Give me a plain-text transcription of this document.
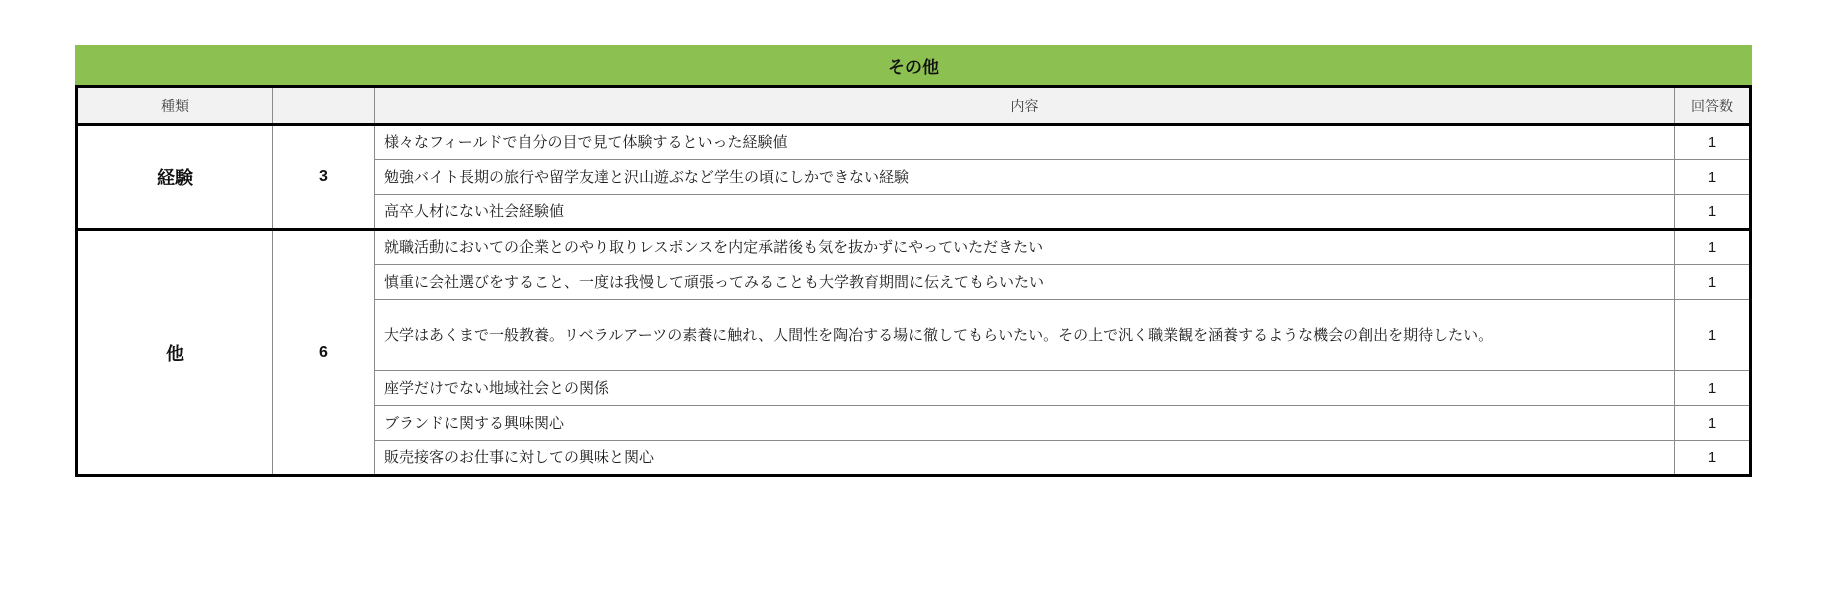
その他
種類		内容	回答数
経験	3	様々なフィールドで自分の目で見て体験するといった経験値	1
		勉強バイト長期の旅行や留学友達と沢山遊ぶなど学生の頃にしかできない経験	1
		高卒人材にない社会経験値	1
他	6	就職活動においての企業とのやり取りレスポンスを内定承諾後も気を抜かずにやっていただきたい	1
		慎重に会社選びをすること、一度は我慢して頑張ってみることも大学教育期間に伝えてもらいたい	1
		大学はあくまで一般教養。リベラルアーツの素養に触れ、人間性を陶冶する場に徹してもらいたい。その上で汎く職業観を涵養するような機会の創出を期待したい。	1
		座学だけでない地域社会との関係	1
		ブランドに関する興味関心	1
		販売接客のお仕事に対しての興味と関心	1
